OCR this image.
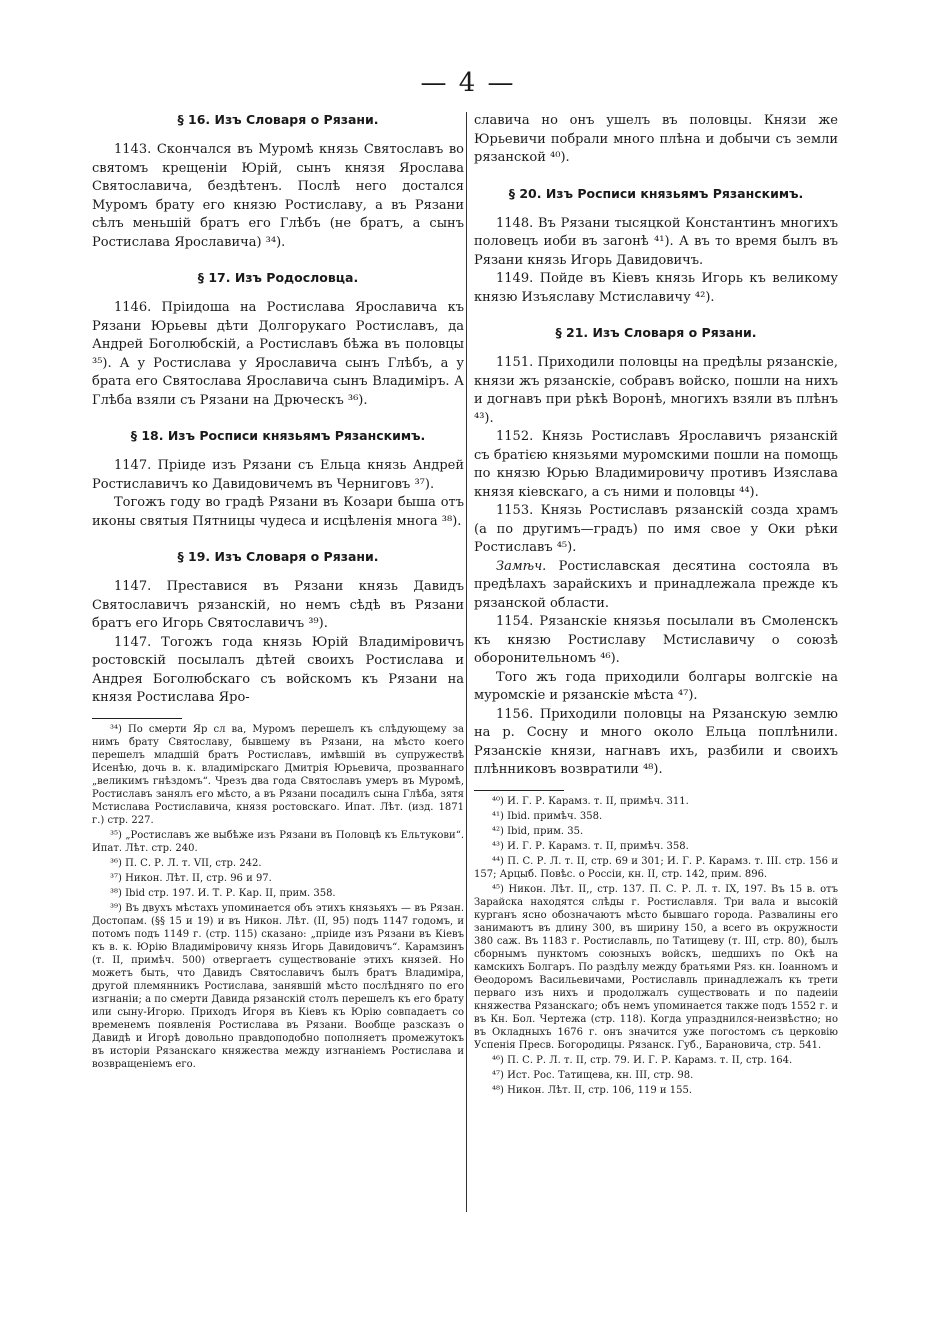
— 4 —

§ 16. Изъ Словаря о Рязани.

1143. Скончался въ Муромѣ князь Святославъ во святомъ крещеніи Юрій, сынъ князя Ярослава Святославича, бездѣтенъ. Послѣ него достался Муромъ брату его князю Ростиславу, а въ Рязани сѣлъ меньшій братъ его Глѣбъ (не братъ, а сынъ Ростислава Ярославича) ³⁴).

§ 17. Изъ Родословца.

1146. Пріидоша на Ростислава Ярославича къ Рязани Юрьевы дѣти Долгорукаго Ростиславъ, да Андрей Боголюбскій, а Ростиславъ бѣжа въ половцы ³⁵). А у Ростислава у Ярославича сынъ Глѣбъ, а у брата его Святослава Ярославича сынъ Владиміръ. А Глѣба взяли съ Рязани на Дрюческъ ³⁶).

§ 18. Изъ Росписи князьямъ Рязанскимъ.

1147. Пріиде изъ Рязани съ Ельца князь Андрей Ростиславичъ ко Давидовичемъ въ Черниговъ ³⁷).

Тогожъ году во градѣ Рязани въ Козари быша отъ иконы святыя Пятницы чудеса и исцѣленія многа ³⁸).

§ 19. Изъ Словаря о Рязани.

1147. Преставися въ Рязани князь Давидъ Святославичъ рязанскій, но немъ сѣдѣ въ Рязани братъ его Игорь Святославичъ ³⁹).

1147. Тогожъ года князь Юрій Владиміровичъ ростовскій посылалъ дѣтей своихъ Ростислава и Андрея Боголюбскаго съ войскомъ къ Рязани на князя Ростислава Яро-

³⁴) По смерти Яр сл ва, Муромъ перешелъ къ слѣдующему за нимъ брату Святославу, бывшему въ Рязани, на мѣсто коего перешелъ младшій братъ Ростиславъ, имѣвшій въ супружествѣ Исенѣю, дочь в. к. владимірскаго Дмитрія Юрьевича, прозваннаго „великимъ гнѣздомъ“. Чрезъ два года Святославъ умеръ въ Муромѣ, Ростиславъ занялъ его мѣсто, а въ Рязани посадилъ сына Глѣба, зятя Мстислава Ростиславича, князя ростовскаго. Ипат. Лѣт. (изд. 1871 г.) стр. 227.

³⁵) „Ростиславъ же выбѣже изъ Рязани въ Половцѣ къ Ельтукови“. Ипат. Лѣт. стр. 240.

³⁶) П. С. Р. Л. т. VII, стр. 242.

³⁷) Никон. Лѣт. II, стр. 96 и 97.

³⁸) Ibid стр. 197. И. Т. Р. Кар. II, прим. 358.

³⁹) Въ двухъ мѣстахъ упоминается объ этихъ князьяхъ — въ Рязан. Достопам. (§§ 15 и 19) и въ Никон. Лѣт. (II, 95) подъ 1147 годомъ, и потомъ подъ 1149 г. (стр. 115) сказано: „пріиде изъ Рязани въ Кіевъ къ в. к. Юрію Владиміровичу князь Игорь Давидовичъ“. Карамзинъ (т. II, примѣч. 500) отвергаетъ существованіе этихъ князей. Но можетъ быть, что Давидъ Святославичъ былъ братъ Владиміра, другой племянникъ Ростислава, занявшій мѣсто послѣдняго по его изгнаніи; а по смерти Давида рязанскій столъ перешелъ къ его брату или сыну-Игорю. Приходъ Игоря въ Кіевъ къ Юрію совпадаетъ со временемъ появленія Ростислава въ Рязани. Вообще разсказъ о Давидѣ и Игорѣ довольно правдоподобно пополняетъ промежутокъ въ исторіи Рязанскаго княжества между изгнаніемъ Ростислава и возвращеніемъ его.

славича но онъ ушелъ въ половцы. Князи же Юрьевичи побрали много плѣна и добычи съ земли рязанской ⁴⁰).

§ 20. Изъ Росписи князьямъ Рязанскимъ.

1148. Въ Рязани тысяцкой Константинъ многихъ половецъ иоби въ загонѣ ⁴¹). А въ то время былъ въ Рязани князь Игорь Давидовичъ.

1149. Пойде въ Кіевъ князь Игорь къ великому князю Изъяславу Мстиславичу ⁴²).

§ 21. Изъ Словаря о Рязани.

1151. Приходили половцы на предѣлы рязанскіе, князи жъ рязанскіе, собравъ войско, пошли на нихъ и догнавъ при рѣкѣ Воронѣ, многихъ взяли въ плѣнъ ⁴³).

1152. Князь Ростиславъ Ярославичъ рязанскій съ братією князьями муромскими пошли на помощь по князю Юрью Владимировичу противъ Изяслава князя кіевскаго, а съ ними и половцы ⁴⁴).

1153. Князь Ростиславъ рязанскій созда храмъ (а по другимъ—градъ) по имя свое у Оки рѣки Ростиславъ ⁴⁵).

Замѣч. Ростиславская десятина состояла въ предѣлахъ зарайскихъ и принадлежала прежде къ рязанской области.

1154. Рязанскіе князья посылали въ Смоленскъ къ князю Ростиславу Мстиславичу о союзѣ оборонительномъ ⁴⁶).

Того жъ года приходили болгары волгскіе на муромскіе и рязанскіе мѣста ⁴⁷).

1156. Приходили половцы на Рязанскую землю на р. Сосну и много около Ельца поплѣнили. Рязанскіе князи, нагнавъ ихъ, разбили и своихъ плѣнниковъ возвратили ⁴⁸).

⁴⁰) И. Г. Р. Карамз. т. II, примѣч. 311.

⁴¹) Ibid. примѣч. 358.

⁴²) Ibid, прим. 35.

⁴³) И. Г. Р. Карамз. т. II, примѣч. 358.

⁴⁴) П. С. Р. Л. т. II, стр. 69 и 301; И. Г. Р. Карамз. т. III. стр. 156 и 157; Арцыб. Повѣс. о Россіи, кн. II, стр. 142, прим. 896.

⁴⁵) Никон. Лѣт. II,, стр. 137. П. С. Р. Л. т. IX, 197. Въ 15 в. отъ Зарайска находятся слѣды г. Ростиславля. Три вала и высокій курганъ ясно обозначаютъ мѣсто бывшаго города. Развалины его занимаютъ въ длину 300, въ ширину 150, а всего въ окружности 380 саж. Въ 1183 г. Ростиславль, по Татищеву (т. III, стр. 80), былъ сборнымъ пунктомъ союзныхъ войскъ, шедшихъ по Окѣ на камскихъ Болгаръ. По раздѣлу между братьями Ряз. кн. Іоанномъ и Ѳеодоромъ Васильевичами, Ростиславль принадлежалъ къ трети перваго изъ нихъ и продолжалъ существовать и по падеиіи княжества Рязанскаго; объ немъ упоминается также подъ 1552 г. и въ Кн. Бол. Чертежа (стр. 118). Когда упразднился-неизвѣстно; но въ Окладныхъ 1676 г. онъ значится уже погостомъ съ церковію Успенія Пресв. Богородицы. Рязанск. Губ., Барановича, стр. 541.

⁴⁶) П. С. Р. Л. т. II, стр. 79. И. Г. Р. Карамз. т. II, стр. 164.

⁴⁷) Ист. Рос. Татищева, кн. III, стр. 98.

⁴⁸) Никон. Лѣт. II, стр. 106, 119 и 155.
